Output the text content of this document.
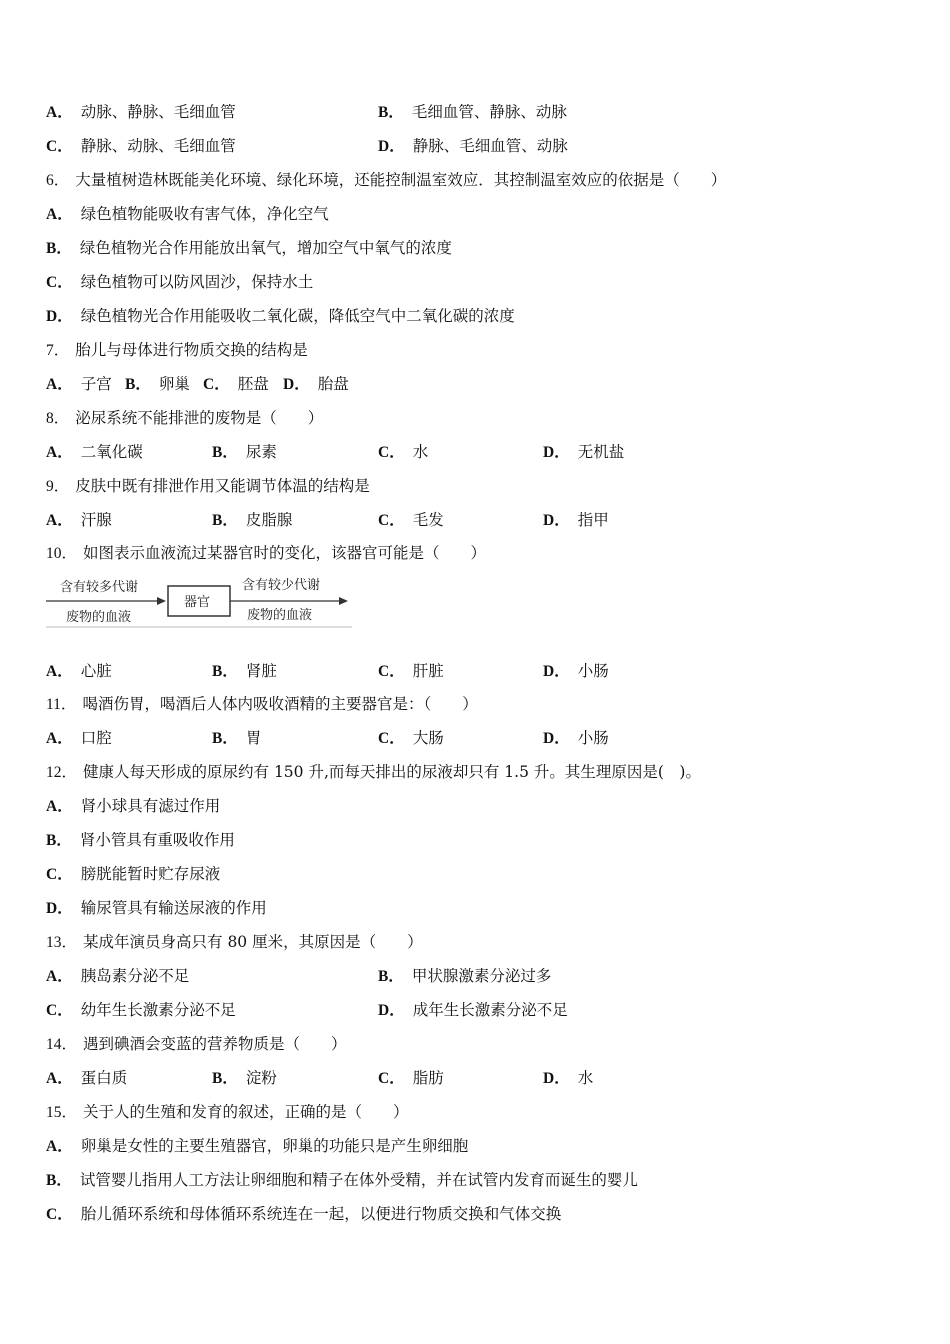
A． 动脉、静脉、毛细血管	B． 毛细血管、静脉、动脉
C． 静脉、动脉、毛细血管	D． 静脉、毛细血管、动脉
6． 大量植树造林既能美化环境、绿化环境，还能控制温室效应．其控制温室效应的依据是（　　）
A． 绿色植物能吸收有害气体，净化空气
B． 绿色植物光合作用能放出氧气，增加空气中氧气的浓度
C． 绿色植物可以防风固沙，保持水土
D． 绿色植物光合作用能吸收二氧化碳，降低空气中二氧化碳的浓度
7． 胎儿与母体进行物质交换的结构是
A． 子宫 B． 卵巢 C． 胚盘 D． 胎盘
8． 泌尿系统不能排泄的废物是（　　）
A． 二氧化碳	B． 尿素	C． 水	D． 无机盐
9． 皮肤中既有排泄作用又能调节体温的结构是
A． 汗腺	B． 皮脂腺	C． 毛发	D． 指甲
10． 如图表示血液流过某器官时的变化，该器官可能是（　　）
含有较多代谢
废物的血液
器官
含有较少代谢
废物的血液
A． 心脏	B． 肾脏	C． 肝脏	D． 小肠
11． 喝酒伤胃，喝酒后人体内吸收酒精的主要器官是：（　　）
A． 口腔	B． 胃	C． 大肠	D． 小肠
12． 健康人每天形成的原尿约有 150 升,而每天排出的尿液却只有 1.5 升。其生理原因是(　)。
A． 肾小球具有滤过作用
B． 肾小管具有重吸收作用
C． 膀胱能暂时贮存尿液
D． 输尿管具有输送尿液的作用
13． 某成年演员身高只有 80 厘米，其原因是（　　）
A． 胰岛素分泌不足	B． 甲状腺激素分泌过多
C． 幼年生长激素分泌不足	D． 成年生长激素分泌不足
14． 遇到碘酒会变蓝的营养物质是（　　）
A． 蛋白质	B． 淀粉	C． 脂肪	D． 水
15． 关于人的生殖和发育的叙述，正确的是（　　）
A． 卵巢是女性的主要生殖器官，卵巢的功能只是产生卵细胞
B． 试管婴儿指用人工方法让卵细胞和精子在体外受精，并在试管内发育而诞生的婴儿
C． 胎儿循环系统和母体循环系统连在一起，以便进行物质交换和气体交换
